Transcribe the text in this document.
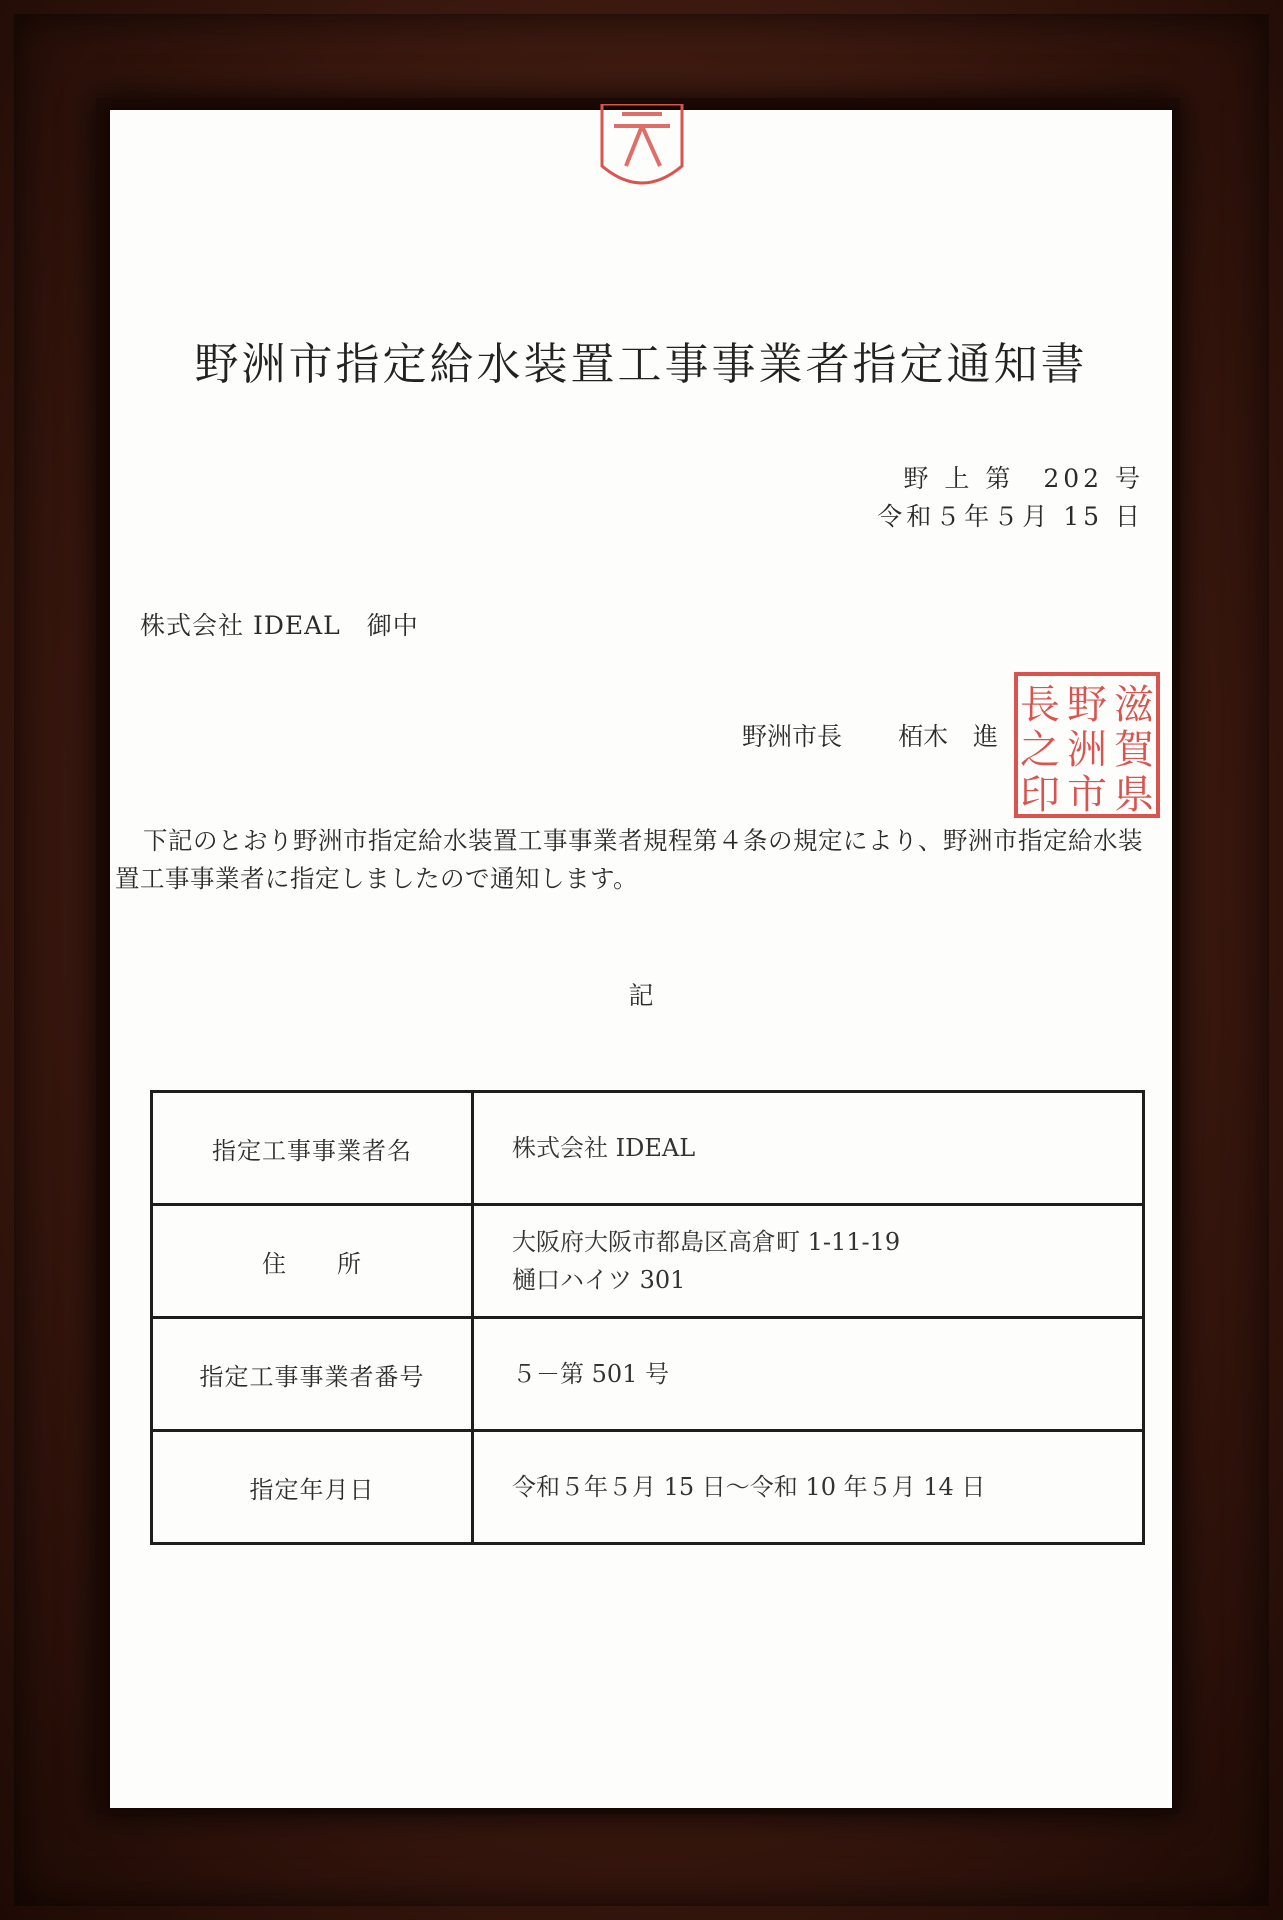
野洲市指定給水装置工事事業者指定通知書
野 上 第　202 号
令和５年５月 15 日
株式会社 IDEAL 御中
野洲市長 栢木　進
滋
賀
県
野
洲
市
長
之
印
下記のとおり野洲市指定給水装置工事事業者規程第４条の規定により、野洲市指定給水装置工事事業者に指定しましたので通知します。
記
指定工事事業者名	株式会社 IDEAL
住　　所	大阪府大阪市都島区高倉町 1-11-19
樋口ハイツ 301

指定工事事業者番号	５－第 501 号
指定年月日	令和５年５月 15 日～令和 10 年５月 14 日
